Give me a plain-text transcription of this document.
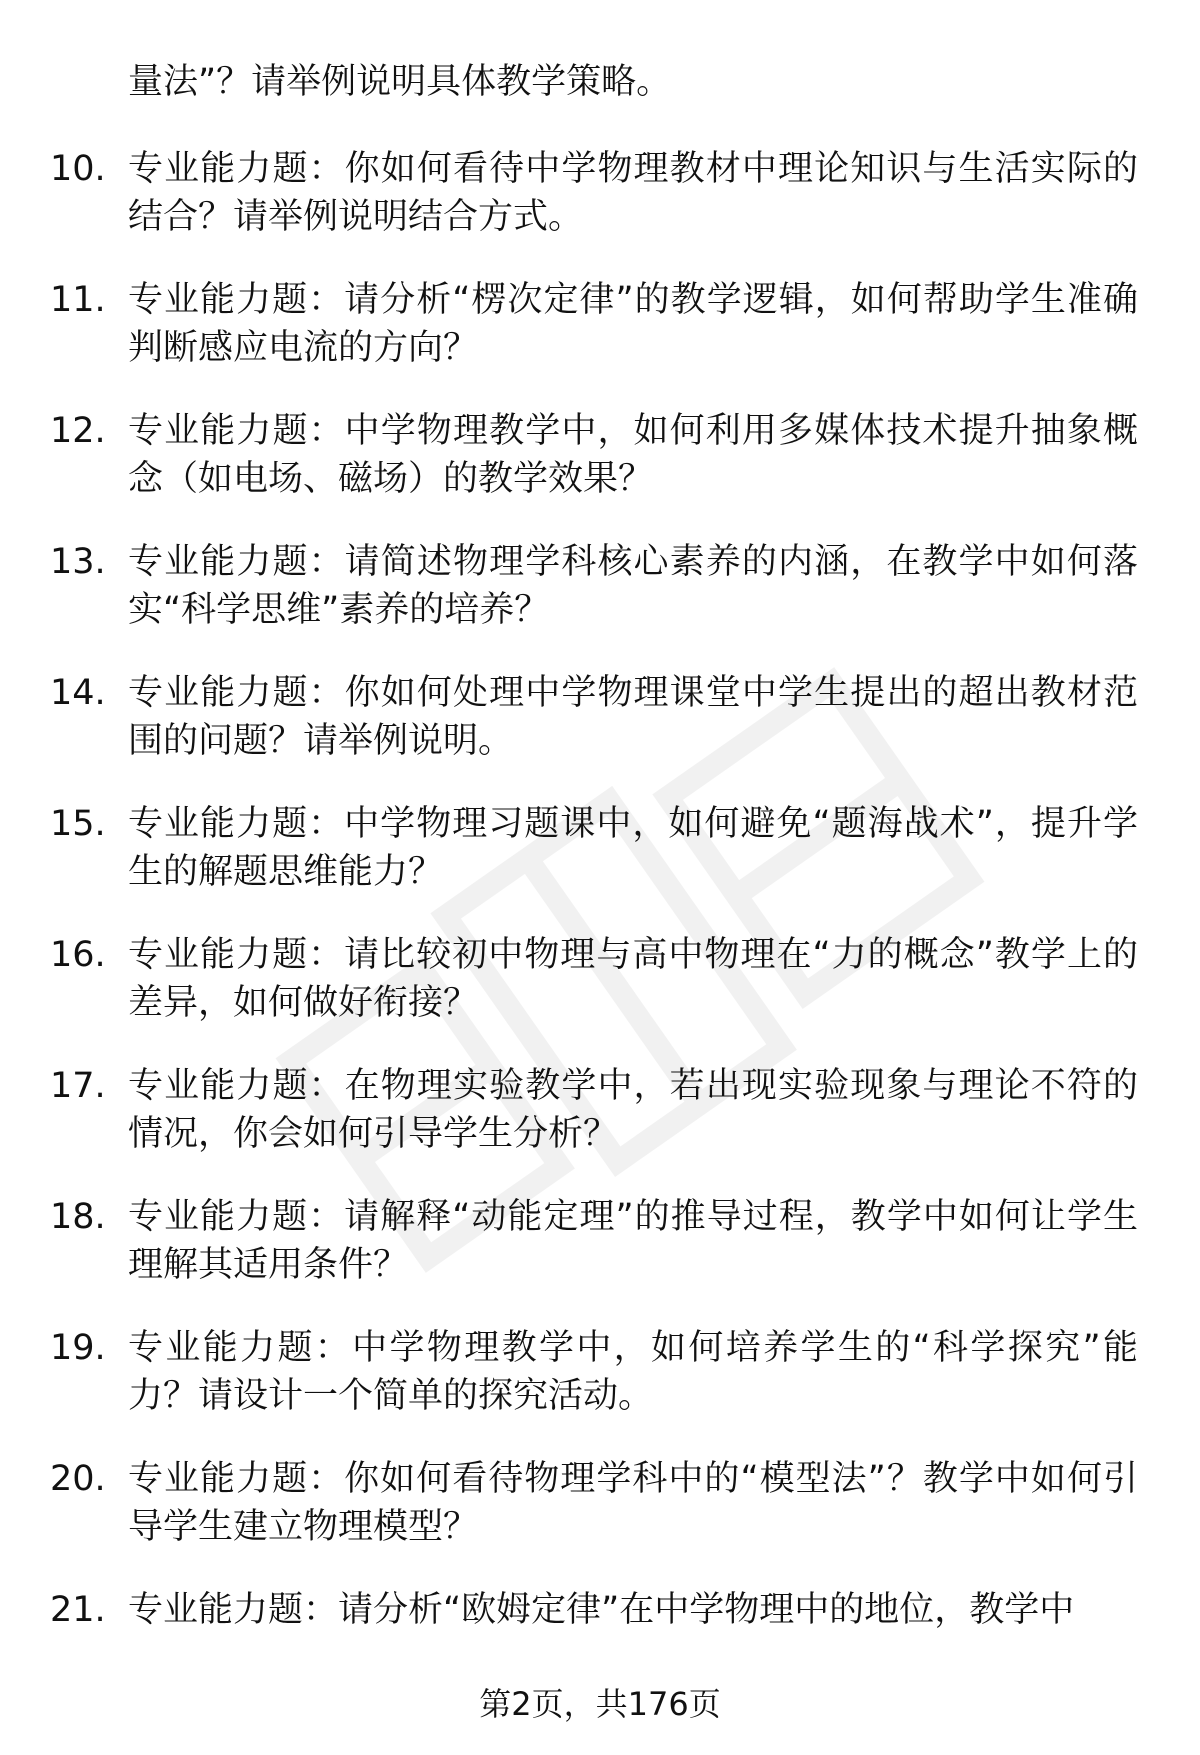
量法”？请举例说明具体教学策略。
10. 专业能力题：你如何看待中学物理教材中理论知识与生活实际的结合？请举例说明结合方式。
11. 专业能力题：请分析“楞次定律”的教学逻辑，如何帮助学生准确判断感应电流的方向？
12. 专业能力题：中学物理教学中，如何利用多媒体技术提升抽象概念（如电场、磁场）的教学效果？
13. 专业能力题：请简述物理学科核心素养的内涵，在教学中如何落实“科学思维”素养的培养？
14. 专业能力题：你如何处理中学物理课堂中学生提出的超出教材范围的问题？请举例说明。
15. 专业能力题：中学物理习题课中，如何避免“题海战术”，提升学生的解题思维能力？
16. 专业能力题：请比较初中物理与高中物理在“力的概念”教学上的差异，如何做好衔接？
17. 专业能力题：在物理实验教学中，若出现实验现象与理论不符的情况，你会如何引导学生分析？
18. 专业能力题：请解释“动能定理”的推导过程，教学中如何让学生理解其适用条件？
19. 专业能力题：中学物理教学中，如何培养学生的“科学探究”能力？请设计一个简单的探究活动。
20. 专业能力题：你如何看待物理学科中的“模型法”？教学中如何引导学生建立物理模型？
21. 专业能力题：请分析“欧姆定律”在中学物理中的地位，教学中
第2页，共176页
